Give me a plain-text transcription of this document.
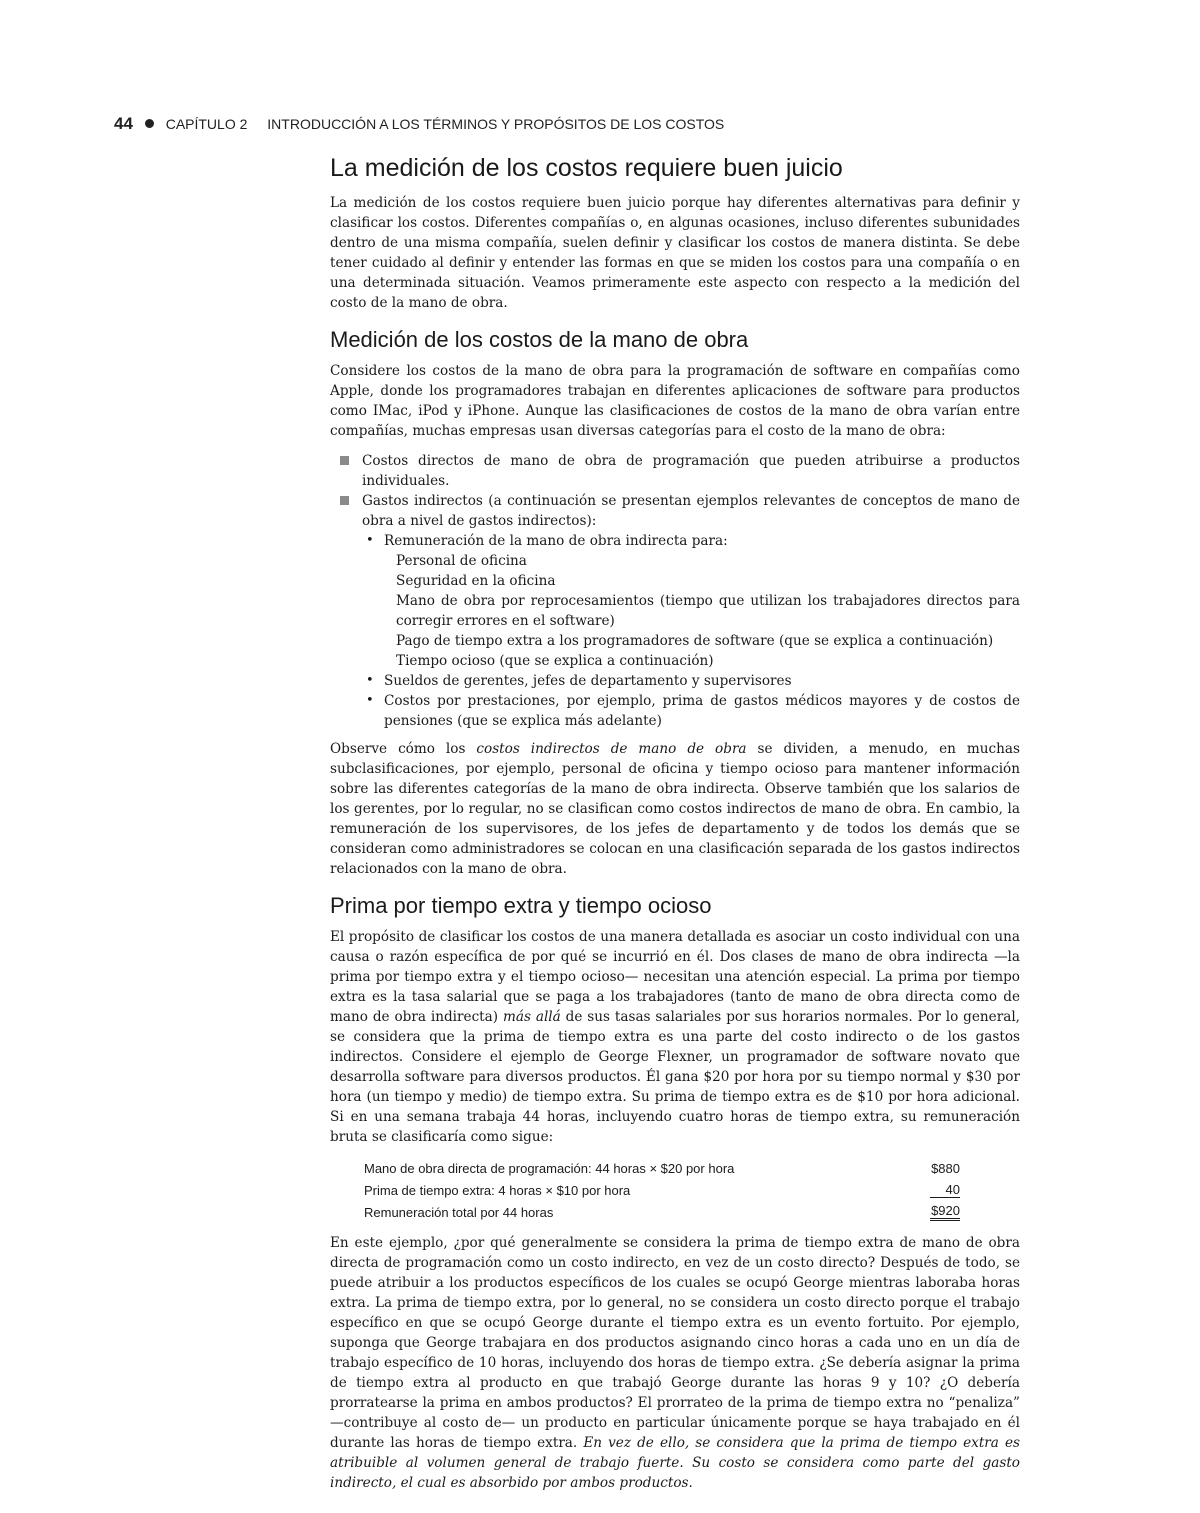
44 CAPÍTULO 2 INTRODUCCIÓN A LOS TÉRMINOS Y PROPÓSITOS DE LOS COSTOS
La medición de los costos requiere buen juicio

La medición de los costos requiere buen juicio porque hay diferentes alternativas para definir y clasificar los costos. Diferentes compañías o, en algunas ocasiones, incluso diferentes subunidades dentro de una misma compañía, suelen definir y clasificar los costos de manera distinta. Se debe tener cuidado al definir y entender las formas en que se miden los costos para una compañía o en una determinada situación. Veamos primeramente este aspecto con respecto a la medición del costo de la mano de obra.

Medición de los costos de la mano de obra

Considere los costos de la mano de obra para la programación de software en compañías como Apple, donde los programadores trabajan en diferentes aplicaciones de software para productos como IMac, iPod y iPhone. Aunque las clasificaciones de costos de la mano de obra varían entre compañías, muchas empresas usan diversas categorías para el costo de la mano de obra:

Costos directos de mano de obra de programación que pueden atribuirse a productos individuales.
Gastos indirectos (a continuación se presentan ejemplos relevantes de conceptos de mano de obra a nivel de gastos indirectos):
• Remuneración de la mano de obra indirecta para:
Personal de oficina
Seguridad en la oficina
Mano de obra por reprocesamientos (tiempo que utilizan los trabajadores directos para corregir errores en el software)
Pago de tiempo extra a los programadores de software (que se explica a continuación)
Tiempo ocioso (que se explica a continuación)
• Sueldos de gerentes, jefes de departamento y supervisores
• Costos por prestaciones, por ejemplo, prima de gastos médicos mayores y de costos de pensiones (que se explica más adelante)

Observe cómo los costos indirectos de mano de obra se dividen, a menudo, en muchas subclasificaciones, por ejemplo, personal de oficina y tiempo ocioso para mantener información sobre las diferentes categorías de la mano de obra indirecta. Observe también que los salarios de los gerentes, por lo regular, no se clasifican como costos indirectos de mano de obra. En cambio, la remuneración de los supervisores, de los jefes de departamento y de todos los demás que se consideran como administradores se colocan en una clasificación separada de los gastos indirectos relacionados con la mano de obra.

Prima por tiempo extra y tiempo ocioso

El propósito de clasificar los costos de una manera detallada es asociar un costo individual con una causa o razón específica de por qué se incurrió en él. Dos clases de mano de obra indirecta —la prima por tiempo extra y el tiempo ocioso— necesitan una atención especial. La prima por tiempo extra es la tasa salarial que se paga a los trabajadores (tanto de mano de obra directa como de mano de obra indirecta) más allá de sus tasas salariales por sus horarios normales. Por lo general, se considera que la prima de tiempo extra es una parte del costo indirecto o de los gastos indirectos. Considere el ejemplo de George Flexner, un programador de software novato que desarrolla software para diversos productos. Él gana $20 por hora por su tiempo normal y $30 por hora (un tiempo y medio) de tiempo extra. Su prima de tiempo extra es de $10 por hora adicional. Si en una semana trabaja 44 horas, incluyendo cuatro horas de tiempo extra, su remuneración bruta se clasificaría como sigue:

Mano de obra directa de programación: 44 horas × $20 por hora	$880
Prima de tiempo extra: 4 horas × $10 por hora	40
Remuneración total por 44 horas	$920

En este ejemplo, ¿por qué generalmente se considera la prima de tiempo extra de mano de obra directa de programación como un costo indirecto, en vez de un costo directo? Después de todo, se puede atribuir a los productos específicos de los cuales se ocupó George mientras laboraba horas extra. La prima de tiempo extra, por lo general, no se considera un costo directo porque el trabajo específico en que se ocupó George durante el tiempo extra es un evento fortuito. Por ejemplo, suponga que George trabajara en dos productos asignando cinco horas a cada uno en un día de trabajo específico de 10 horas, incluyendo dos horas de tiempo extra. ¿Se debería asignar la prima de tiempo extra al producto en que trabajó George durante las horas 9 y 10? ¿O debería prorratearse la prima en ambos productos? El prorrateo de la prima de tiempo extra no “penaliza” —contribuye al costo de— un producto en particular únicamente porque se haya trabajado en él durante las horas de tiempo extra. En vez de ello, se considera que la prima de tiempo extra es atribuible al volumen general de trabajo fuerte. Su costo se considera como parte del gasto indirecto, el cual es absorbido por ambos productos.
